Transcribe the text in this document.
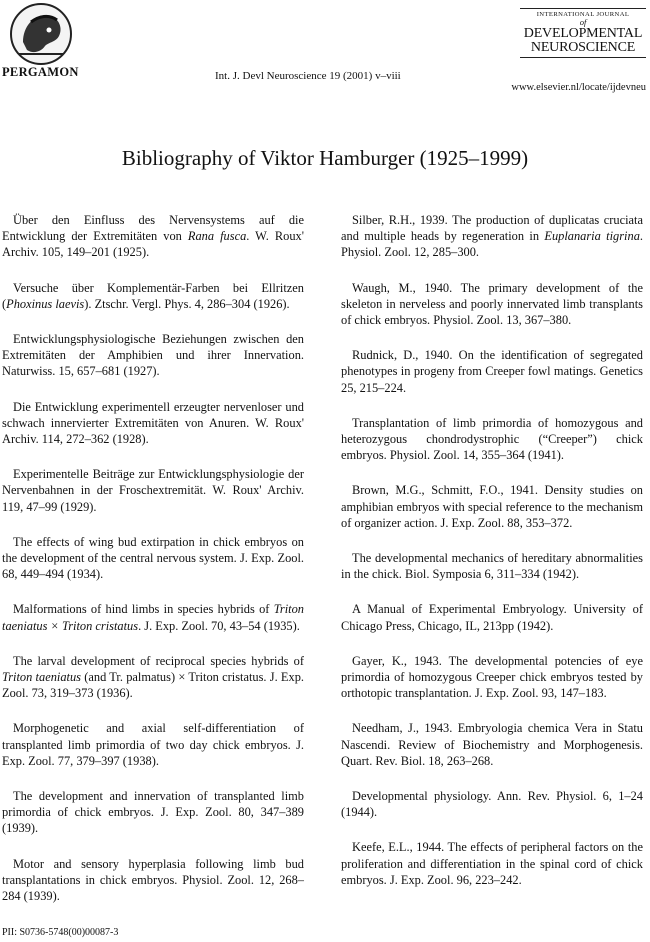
PERGAMON	Int. J. Devl Neuroscience 19 (2001) v–viii
INTERNATIONAL JOURNAL
of
DEVELOPMENTAL
NEUROSCIENCE
www.elsevier.nl/locate/ijdevneu
Bibliography of Viktor Hamburger (1925–1999)

Über den Einfluss des Nervensystems auf die Entwicklung der Extremitäten von Rana fusca. W. Roux' Archiv. 105, 149–201 (1925).

Versuche über Komplementär-Farben bei Ellritzen (Phoxinus laevis). Ztschr. Vergl. Phys. 4, 286–304 (1926).

Entwicklungsphysiologische Beziehungen zwischen den Extremitäten der Amphibien und ihrer Innervation. Naturwiss. 15, 657–681 (1927).

Die Entwicklung experimentell erzeugter nervenloser und schwach innervierter Extremitäten von Anuren. W. Roux' Archiv. 114, 272–362 (1928).

Experimentelle Beiträge zur Entwicklungsphysiologie der Nervenbahnen in der Froschextremität. W. Roux' Archiv. 119, 47–99 (1929).

The effects of wing bud extirpation in chick embryos on the development of the central nervous system. J. Exp. Zool. 68, 449–494 (1934).

Malformations of hind limbs in species hybrids of Triton taeniatus × Triton cristatus. J. Exp. Zool. 70, 43–54 (1935).

The larval development of reciprocal species hybrids of Triton taeniatus (and Tr. palmatus) × Triton cristatus. J. Exp. Zool. 73, 319–373 (1936).

Morphogenetic and axial self-differentiation of transplanted limb primordia of two day chick embryos. J. Exp. Zool. 77, 379–397 (1938).

The development and innervation of transplanted limb primordia of chick embryos. J. Exp. Zool. 80, 347–389 (1939).

Motor and sensory hyperplasia following limb bud transplantations in chick embryos. Physiol. Zool. 12, 268–284 (1939).

Silber, R.H., 1939. The production of duplicatas cruciata and multiple heads by regeneration in Euplanaria tigrina. Physiol. Zool. 12, 285–300.

Waugh, M., 1940. The primary development of the skeleton in nerveless and poorly innervated limb transplants of chick embryos. Physiol. Zool. 13, 367–380.

Rudnick, D., 1940. On the identification of segregated phenotypes in progeny from Creeper fowl matings. Genetics 25, 215–224.

Transplantation of limb primordia of homozygous and heterozygous chondrodystrophic (“Creeper”) chick embryos. Physiol. Zool. 14, 355–364 (1941).

Brown, M.G., Schmitt, F.O., 1941. Density studies on amphibian embryos with special reference to the mechanism of organizer action. J. Exp. Zool. 88, 353–372.

The developmental mechanics of hereditary abnormalities in the chick. Biol. Symposia 6, 311–334 (1942).

A Manual of Experimental Embryology. University of Chicago Press, Chicago, IL, 213pp (1942).

Gayer, K., 1943. The developmental potencies of eye primordia of homozygous Creeper chick embryos tested by orthotopic transplantation. J. Exp. Zool. 93, 147–183.

Needham, J., 1943. Embryologia chemica Vera in Statu Nascendi. Review of Biochemistry and Morphogenesis. Quart. Rev. Biol. 18, 263–268.

Developmental physiology. Ann. Rev. Physiol. 6, 1–24 (1944).

Keefe, E.L., 1944. The effects of peripheral factors on the proliferation and differentiation in the spinal cord of chick embryos. J. Exp. Zool. 96, 223–242.

PII: S0736-5748(00)00087-3
